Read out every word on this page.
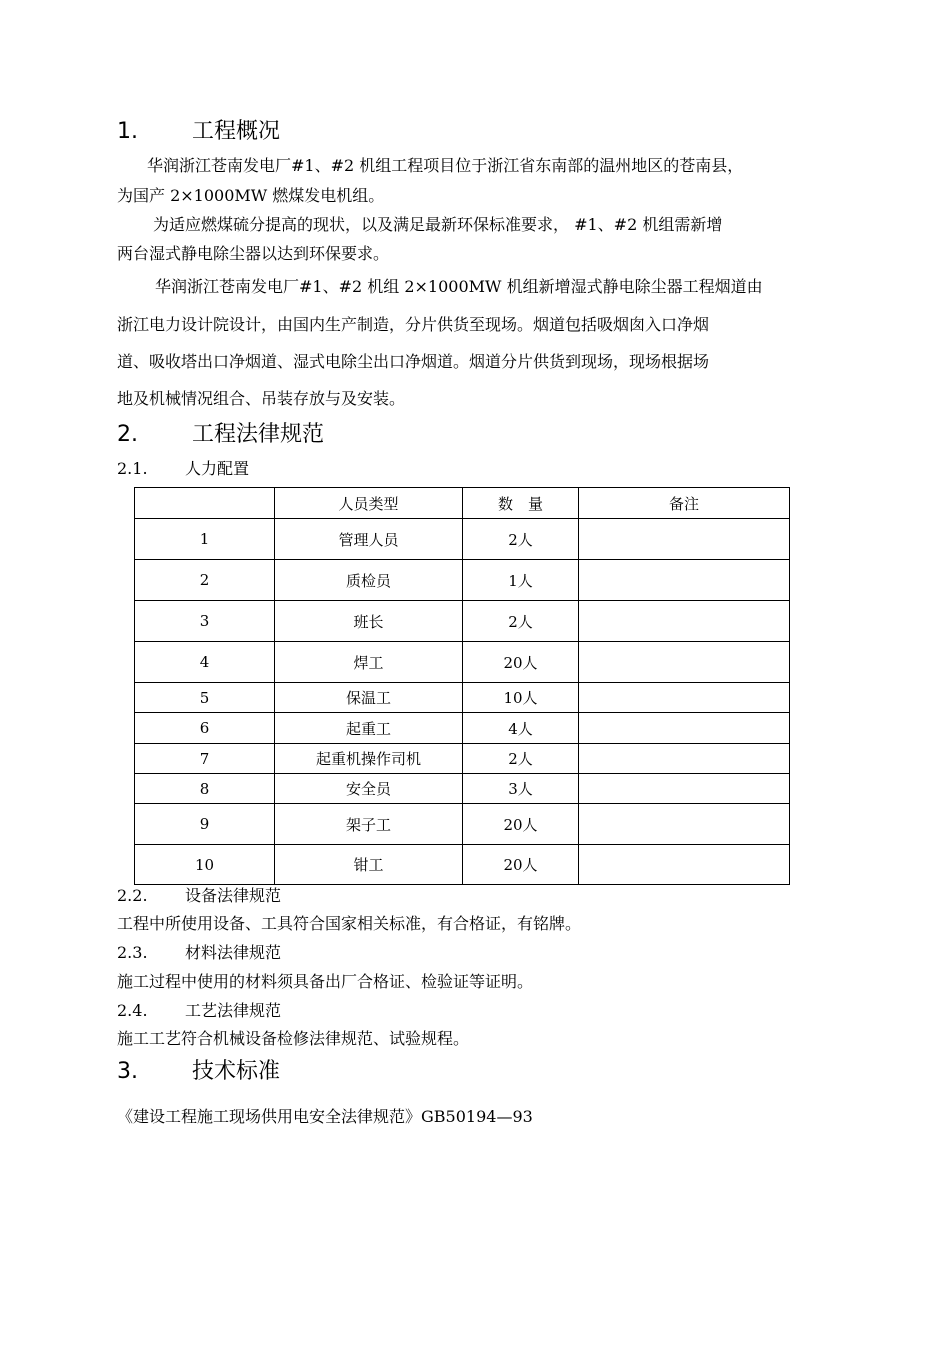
1. 工程概况
华润浙江苍南发电厂#1、#2 机组工程项目位于浙江省东南部的温州地区的苍南县，
为国产 2×1000MW 燃煤发电机组。
为适应燃煤硫分提高的现状，以及满足最新环保标准要求， #1、#2 机组需新增
两台湿式静电除尘器以达到环保要求。
华润浙江苍南发电厂#1、#2 机组 2×1000MW 机组新增湿式静电除尘器工程烟道由
浙江电力设计院设计，由国内生产制造，分片供货至现场。烟道包括吸烟囱入口净烟
道、吸收塔出口净烟道、湿式电除尘出口净烟道。烟道分片供货到现场，现场根据场
地及机械情况组合、吊装存放与及安装。
2. 工程法律规范
2.1. 人力配置
	人员类型	数　量	备注
1	管理人员	2人	
2	质检员	1人	
3	班长	2人	
4	焊工	20人	
5	保温工	10人	
6	起重工	4人	
7	起重机操作司机	2人	
8	安全员	3人	
9	架子工	20人	
10	钳工	20人	
2.2. 设备法律规范
工程中所使用设备、工具符合国家相关标准，有合格证，有铭牌。
2.3. 材料法律规范
施工过程中使用的材料须具备出厂合格证、检验证等证明。
2.4. 工艺法律规范
施工工艺符合机械设备检修法律规范、试验规程。
3. 技术标准
《建设工程施工现场供用电安全法律规范》GB50194—93
